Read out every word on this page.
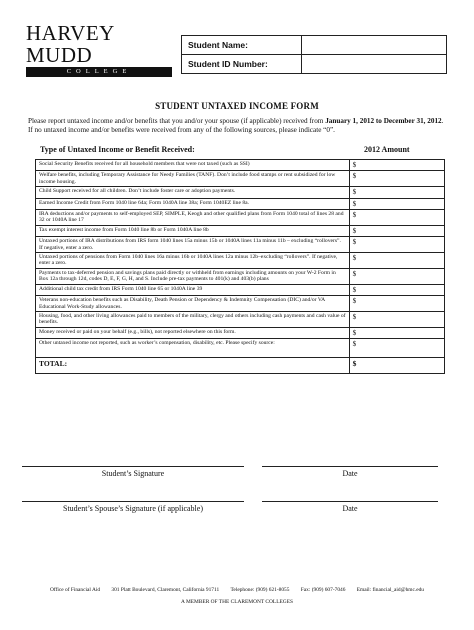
HARVEY MUDD
COLLEGE
Student Name:	
Student ID Number:	
STUDENT UNTAXED INCOME FORM
Please report untaxed income and/or benefits that you and/or your spouse (if applicable) received from January 1, 2012 to December 31, 2012. If no untaxed income and/or benefits were received from any of the following sources, please indicate “0”.
Type of Untaxed Income or Benefit Received:	2012 Amount
Social Security Benefits received for all household members that were not taxed (such as SSI)	$
Welfare benefits, including Temporary Assistance for Needy Families (TANF). Don’t include food stamps or rent subsidized for low income housing.	$
Child Support received for all children. Don’t include foster care or adoption payments.	$
Earned Income Credit from Form 1040 line 64a; Form 1040A line 38a; Form 1040EZ line 8a.	$
IRA deductions and/or payments to self-employed SEP, SIMPLE, Keogh and other qualified plans from Form 1040 total of lines 28 and 32 or 1040A line 17	$
Tax exempt interest income from Form 1040 line 8b or Form 1040A line 8b	$
Untaxed portions of IRA distributions from IRS form 1040 lines 15a minus 15b or 1040A lines 11a minus 11b – excluding “rollovers”. If negative, enter a zero.	$
Untaxed portions of pensions from Form 1040 lines 16a minus 16b or 1040A lines 12a minus 12b–excluding “rollovers”. If negative, enter a zero.	$
Payments to tax-deferred pension and savings plans paid directly or withheld from earnings including amounts on your W-2 Form in Box 12a through 12d, codes D, E, F, G, H, and S. Include pre-tax payments to 401(k) and 403(b) plans	$
Additional child tax credit from IRS Form 1040 line 65 or 1040A line 39	$
Veterans non-education benefits such as Disability, Death Pension or Dependency & Indemnity Compensation (DIC) and/or VA Educational Work-Study allowances.	$
Housing, food, and other living allowances paid to members of the military, clergy and others including cash payments and cash value of benefits.	$
Money received or paid on your behalf (e.g., bills), not reported elsewhere on this form.	$
Other untaxed income not reported, such as worker’s compensation, disability, etc. Please specify source:	$
TOTAL:	$
Student’s Signature	Date
Student’s Spouse’s Signature (if applicable)	Date
Office of Financial Aid 301 Platt Boulevard, Claremont, California 91711 Telephone: (909) 621-8055 Fax: (909) 607-7046 Email: financial_aid@hmc.edu
A MEMBER OF THE CLAREMONT COLLEGES
